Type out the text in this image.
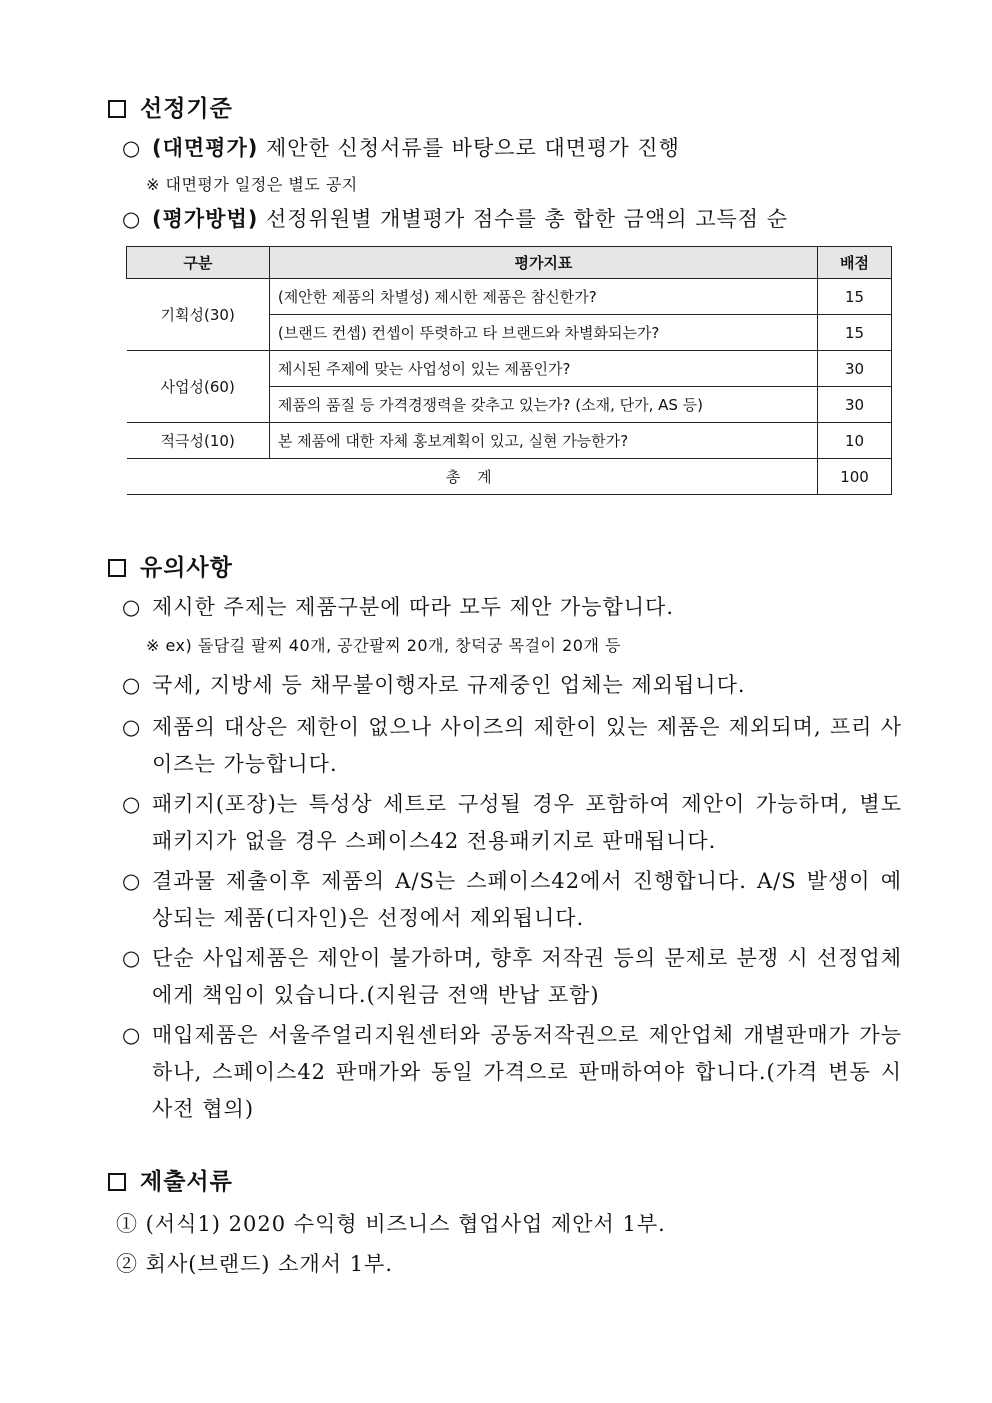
선정기준
○ (대면평가) 제안한 신청서류를 바탕으로 대면평가 진행
※ 대면평가 일정은 별도 공지
○ (평가방법) 선정위원별 개별평가 점수를 총 합한 금액의 고득점 순
구분	평가지표	배점
기획성(30)	(제안한 제품의 차별성) 제시한 제품은 참신한가?	15
	(브랜드 컨셉) 컨셉이 뚜렷하고 타 브랜드와 차별화되는가?	15
사업성(60)	제시된 주제에 맞는 사업성이 있는 제품인가?	30
	제품의 품질 등 가격경쟁력을 갖추고 있는가? (소재, 단가, AS 등)	30
적극성(10)	본 제품에 대한 자체 홍보계획이 있고, 실현 가능한가?	10
총 계		100
유의사항
○ 제시한 주제는 제품구분에 따라 모두 제안 가능합니다.
※ ex) 돌담길 팔찌 40개, 공간팔찌 20개, 창덕궁 목걸이 20개 등
○ 국세, 지방세 등 채무불이행자로 규제중인 업체는 제외됩니다.
○ 제품의 대상은 제한이 없으나 사이즈의 제한이 있는 제품은 제외되며, 프리 사이즈는 가능합니다.
○ 패키지(포장)는 특성상 세트로 구성될 경우 포함하여 제안이 가능하며, 별도 패키지가 없을 경우 스페이스42 전용패키지로 판매됩니다.
○ 결과물 제출이후 제품의 A/S는 스페이스42에서 진행합니다. A/S 발생이 예상되는 제품(디자인)은 선정에서 제외됩니다.
○ 단순 사입제품은 제안이 불가하며, 향후 저작권 등의 문제로 분쟁 시 선정업체에게 책임이 있습니다.(지원금 전액 반납 포함)
○ 매입제품은 서울주얼리지원센터와 공동저작권으로 제안업체 개별판매가 가능하나, 스페이스42 판매가와 동일 가격으로 판매하여야 합니다.(가격 변동 시 사전 협의)
제출서류
① (서식1) 2020 수익형 비즈니스 협업사업 제안서 1부.
② 회사(브랜드) 소개서 1부.
